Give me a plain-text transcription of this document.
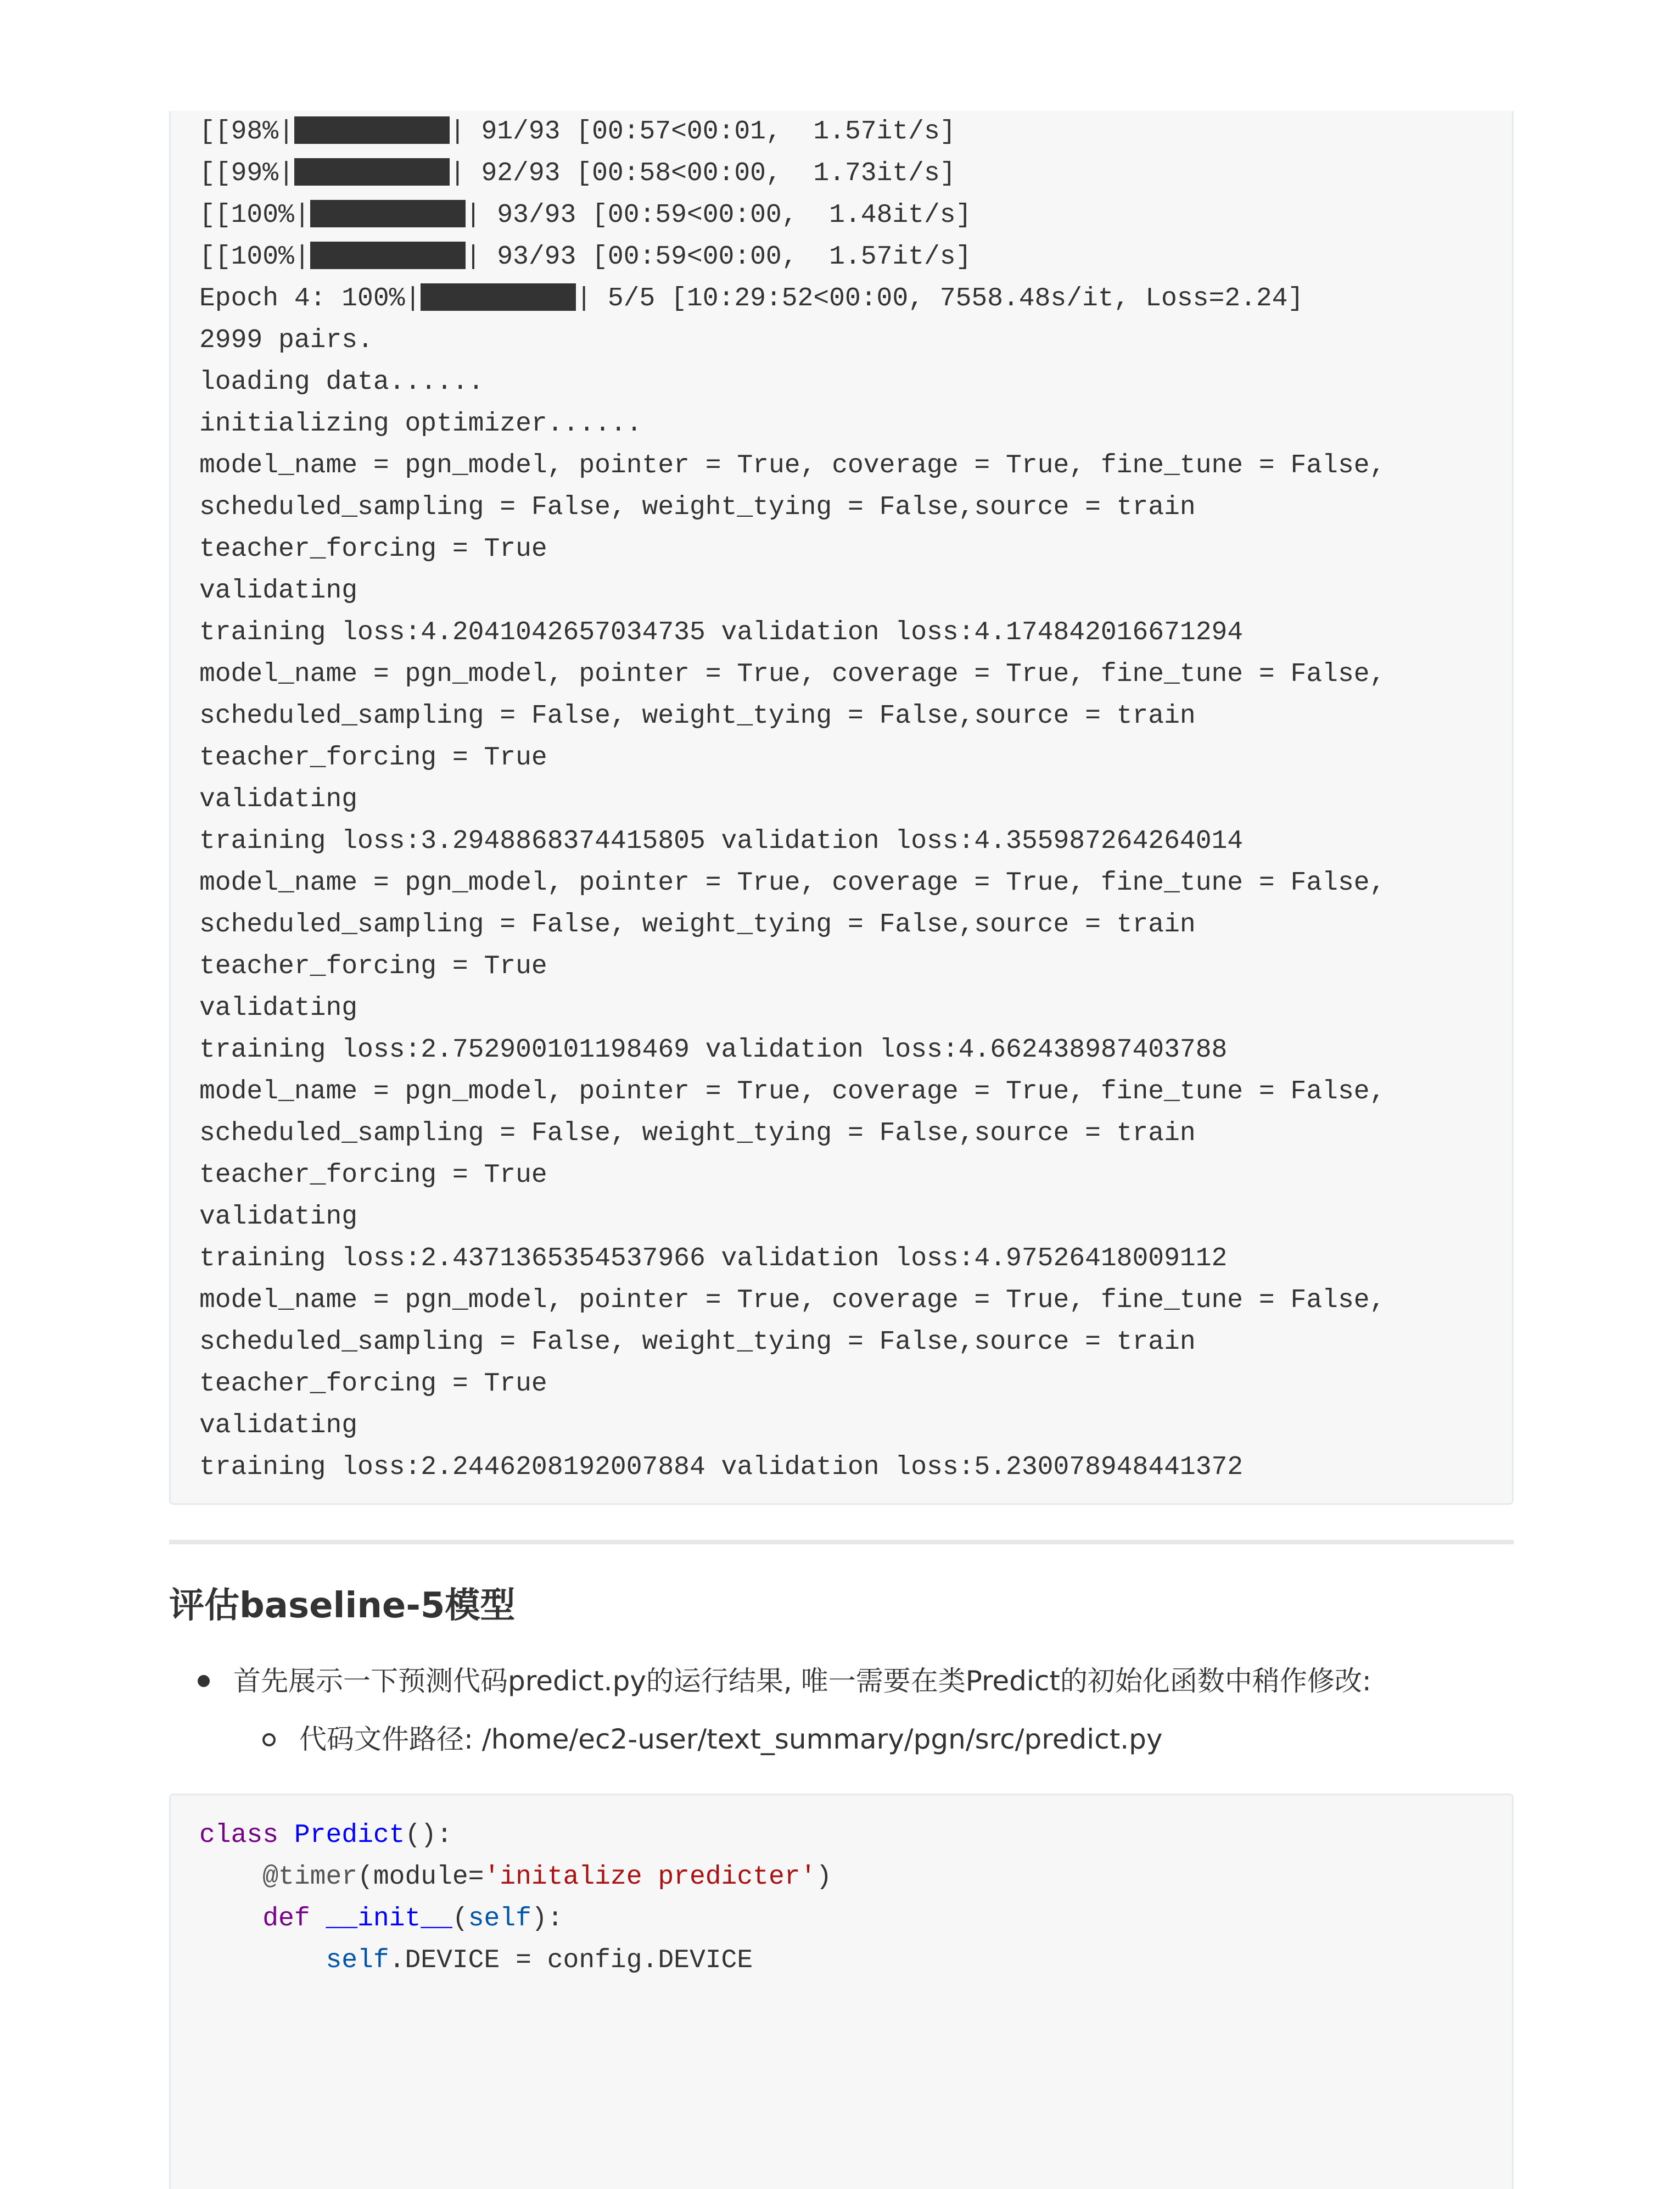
[[98%|	| 91/93 [00:57<00:01,  1.57it/s]
[[99%|	| 92/93 [00:58<00:00,  1.73it/s]
[[100%|	| 93/93 [00:59<00:00,  1.48it/s]
[[100%|	| 93/93 [00:59<00:00,  1.57it/s]
Epoch 4: 100%|	| 5/5 [10:29:52<00:00, 7558.48s/it, Loss=2.24]
2999 pairs.
loading data......
initializing optimizer......
model_name = pgn_model, pointer = True, coverage = True, fine_tune = False,
scheduled_sampling = False, weight_tying = False,source = train
teacher_forcing = True
validating
training loss:4.2041042657034735 validation loss:4.174842016671294
model_name = pgn_model, pointer = True, coverage = True, fine_tune = False,
scheduled_sampling = False, weight_tying = False,source = train
teacher_forcing = True
validating
training loss:3.2948868374415805 validation loss:4.355987264264014
model_name = pgn_model, pointer = True, coverage = True, fine_tune = False,
scheduled_sampling = False, weight_tying = False,source = train
teacher_forcing = True
validating
training loss:2.752900101198469 validation loss:4.662438987403788
model_name = pgn_model, pointer = True, coverage = True, fine_tune = False,
scheduled_sampling = False, weight_tying = False,source = train
teacher_forcing = True
validating
training loss:2.4371365354537966 validation loss:4.97526418009112
model_name = pgn_model, pointer = True, coverage = True, fine_tune = False,
scheduled_sampling = False, weight_tying = False,source = train
teacher_forcing = True
validating
training loss:2.2446208192007884 validation loss:5.230078948441372
评估baseline-5模型
首先展示一下预测代码predict.py的运行结果, 唯一需要在类Predict的初始化函数中稍作修改:
代码文件路径: /home/ec2-user/text_summary/pgn/src/predict.py
class Predict():
@timer(module='initalize predicter')
def __init__(self):
self.DEVICE = config.DEVICE
